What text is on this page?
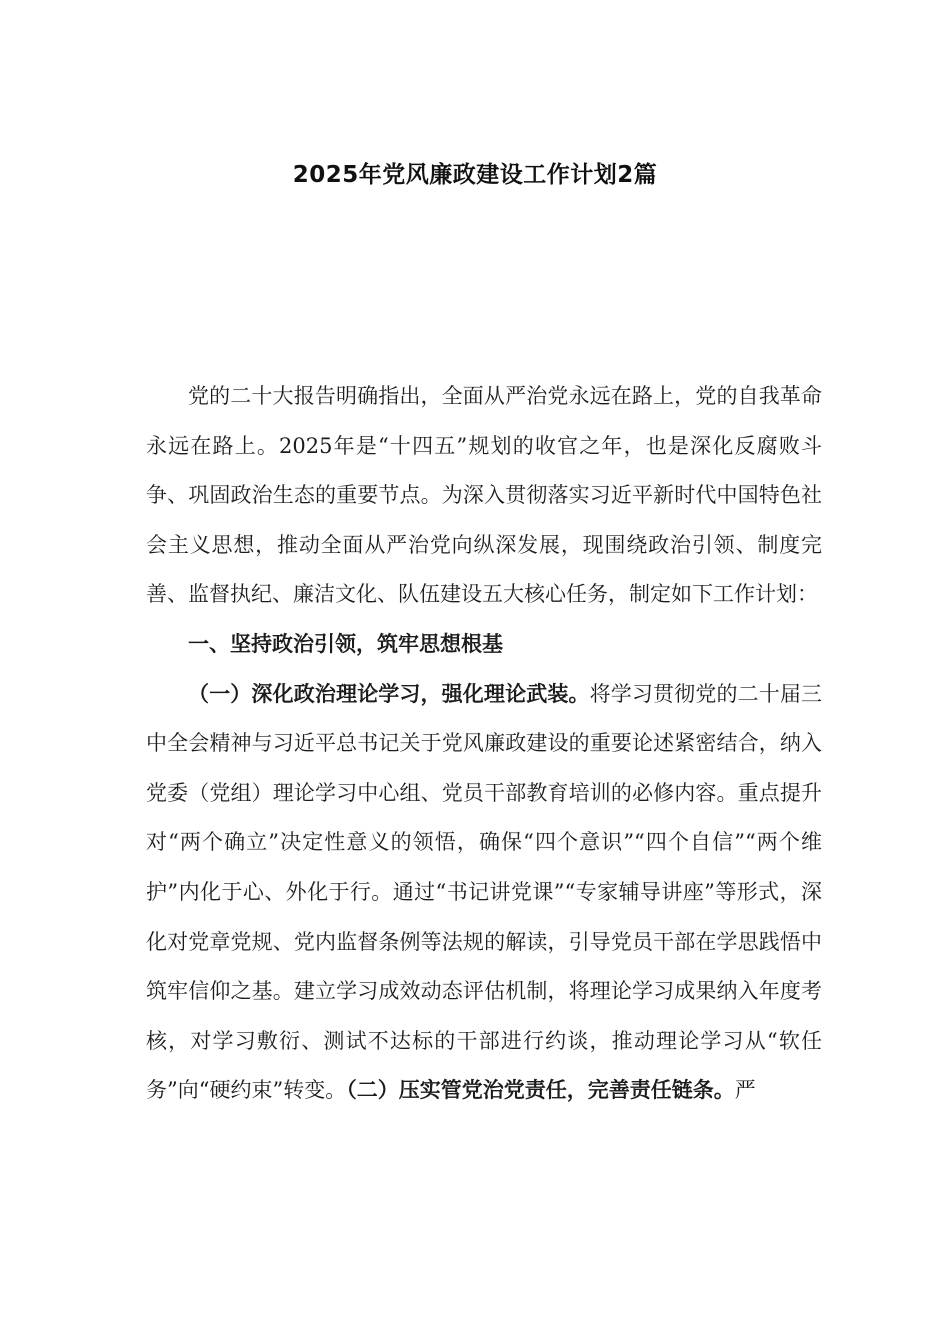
2025年党风廉政建设工作计划2篇

党的二十大报告明确指出，全面从严治党永远在路上，党的自我革命永远在路上。2025年是“十四五”规划的收官之年，也是深化反腐败斗争、巩固政治生态的重要节点。为深入贯彻落实习近平新时代中国特色社会主义思想，推动全面从严治党向纵深发展，现围绕政治引领、制度完善、监督执纪、廉洁文化、队伍建设五大核心任务，制定如下工作计划：

一、坚持政治引领，筑牢思想根基

（一）深化政治理论学习，强化理论武装。将学习贯彻党的二十届三中全会精神与习近平总书记关于党风廉政建设的重要论述紧密结合，纳入党委（党组）理论学习中心组、党员干部教育培训的必修内容。重点提升对“两个确立”决定性意义的领悟，确保“四个意识”“四个自信”“两个维护”内化于心、外化于行。通过“书记讲党课”“专家辅导讲座”等形式，深化对党章党规、党内监督条例等法规的解读，引导党员干部在学思践悟中筑牢信仰之基。建立学习成效动态评估机制，将理论学习成果纳入年度考核，对学习敷衍、测试不达标的干部进行约谈，推动理论学习从“软任务”向“硬约束”转变。（二）压实管党治党责任，完善责任链条。严
